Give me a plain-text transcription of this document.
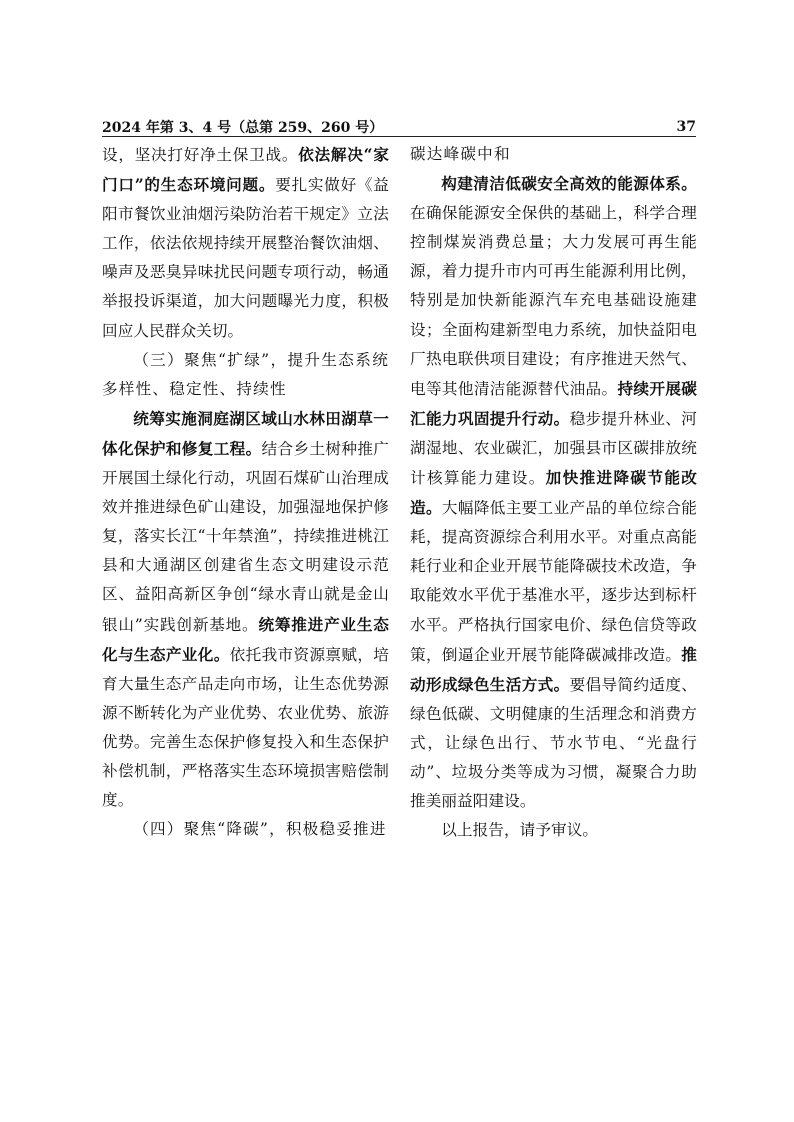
2024 年第 3、4 号（总第 259、260 号）	37

设，坚决打好净土保卫战。依法解决“家门口”的生态环境问题。要扎实做好《益阳市餐饮业油烟污染防治若干规定》立法工作，依法依规持续开展整治餐饮油烟、噪声及恶臭异味扰民问题专项行动，畅通举报投诉渠道，加大问题曝光力度，积极回应人民群众关切。

（三）聚焦“扩绿”，提升生态系统多样性、稳定性、持续性

统筹实施洞庭湖区域山水林田湖草一体化保护和修复工程。结合乡土树种推广开展国土绿化行动，巩固石煤矿山治理成效并推进绿色矿山建设，加强湿地保护修复，落实长江“十年禁渔”，持续推进桃江县和大通湖区创建省生态文明建设示范区、益阳高新区争创“绿水青山就是金山银山”实践创新基地。统筹推进产业生态化与生态产业化。依托我市资源禀赋，培育大量生态产品走向市场，让生态优势源源不断转化为产业优势、农业优势、旅游优势。完善生态保护修复投入和生态保护补偿机制，严格落实生态环境损害赔偿制度。

（四）聚焦“降碳”，积极稳妥推进

碳达峰碳中和

构建清洁低碳安全高效的能源体系。在确保能源安全保供的基础上，科学合理控制煤炭消费总量；大力发展可再生能源，着力提升市内可再生能源利用比例，特别是加快新能源汽车充电基础设施建设；全面构建新型电力系统，加快益阳电厂热电联供项目建设；有序推进天然气、电等其他清洁能源替代油品。持续开展碳汇能力巩固提升行动。稳步提升林业、河湖湿地、农业碳汇，加强县市区碳排放统计核算能力建设。加快推进降碳节能改造。大幅降低主要工业产品的单位综合能耗，提高资源综合利用水平。对重点高能耗行业和企业开展节能降碳技术改造，争取能效水平优于基准水平，逐步达到标杆水平。严格执行国家电价、绿色信贷等政策，倒逼企业开展节能降碳减排改造。推动形成绿色生活方式。要倡导简约适度、绿色低碳、文明健康的生活理念和消费方式，让绿色出行、节水节电、“光盘行动”、垃圾分类等成为习惯，凝聚合力助推美丽益阳建设。

以上报告，请予审议。
